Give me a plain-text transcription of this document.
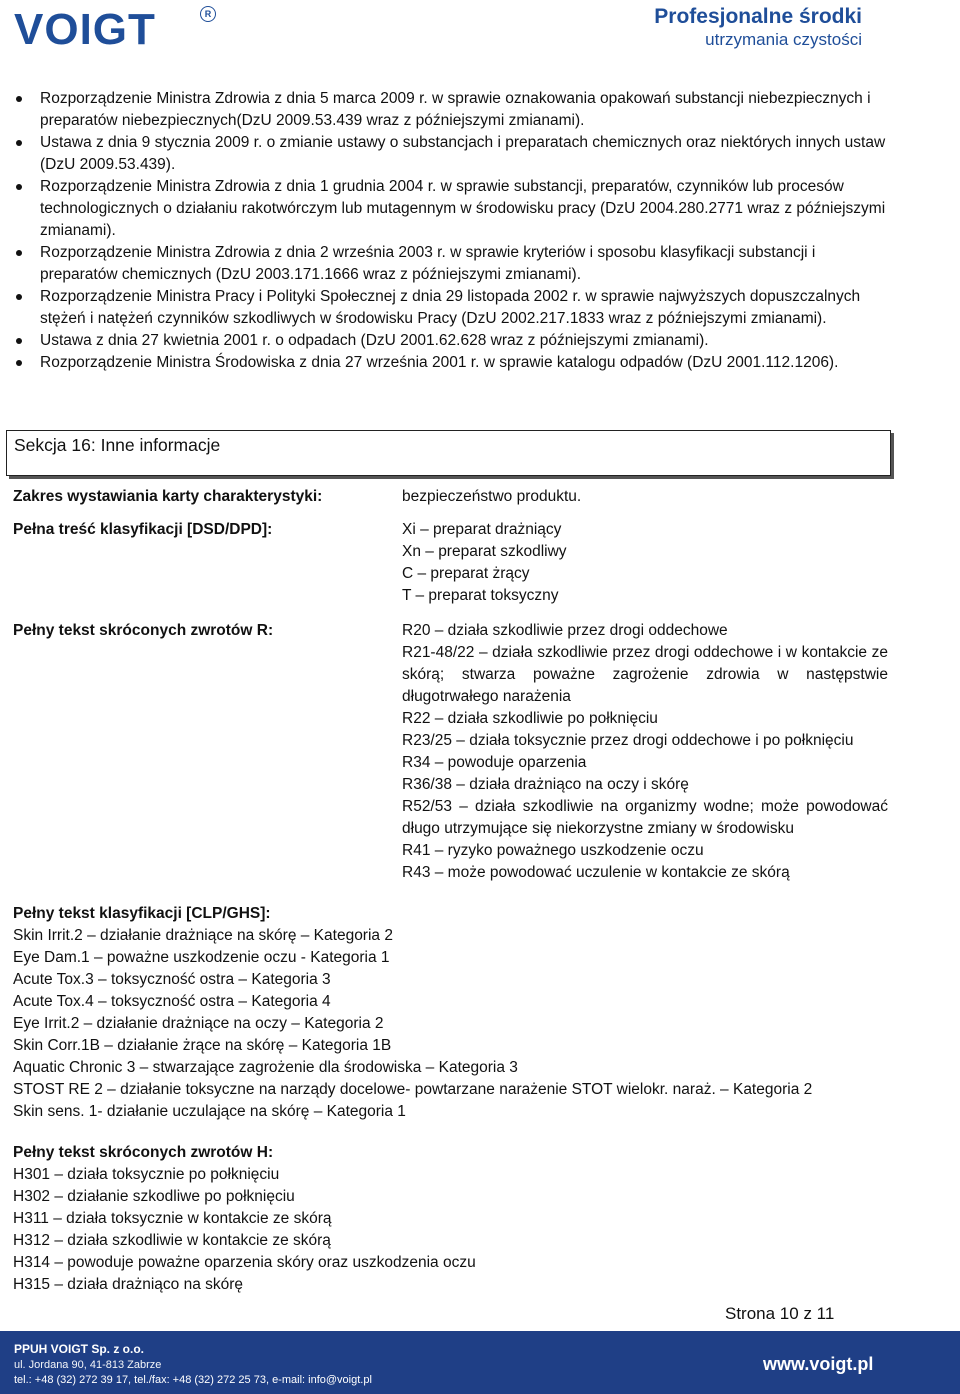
VOIGT	R	Profesjonalne środki
utrzymania czystości
Rozporządzenie Ministra Zdrowia z dnia 5 marca 2009 r. w sprawie oznakowania opakowań substancji niebezpiecznych i preparatów niebezpiecznych(DzU 2009.53.439 wraz z późniejszymi zmianami).
Ustawa z dnia 9 stycznia 2009 r. o zmianie ustawy o substancjach i preparatach chemicznych oraz niektórych innych ustaw (DzU 2009.53.439).
Rozporządzenie Ministra Zdrowia z dnia 1 grudnia 2004 r. w sprawie substancji, preparatów, czynników lub procesów technologicznych o działaniu rakotwórczym lub mutagennym w środowisku pracy (DzU 2004.280.2771 wraz z późniejszymi zmianami).
Rozporządzenie Ministra Zdrowia z dnia 2 września 2003 r. w sprawie kryteriów i sposobu klasyfikacji substancji i preparatów chemicznych (DzU 2003.171.1666 wraz z późniejszymi zmianami).
Rozporządzenie Ministra Pracy i Polityki Społecznej z dnia 29 listopada 2002 r. w sprawie najwyższych dopuszczalnych stężeń i natężeń czynników szkodliwych w środowisku Pracy (DzU 2002.217.1833 wraz z późniejszymi zmianami).
Ustawa z dnia 27 kwietnia 2001 r. o odpadach (DzU 2001.62.628 wraz z późniejszymi zmianami).
Rozporządzenie Ministra Środowiska z dnia 27 września 2001 r. w sprawie katalogu odpadów (DzU 2001.112.1206).
Sekcja 16: Inne informacje
Zakres wystawiania karty charakterystyki:	bezpieczeństwo produktu.
Pełna treść klasyfikacji [DSD/DPD]:	Xi – preparat drażniący

Xn – preparat szkodliwy

C – preparat żrący

T – preparat toksyczny

Pełny tekst skróconych zwrotów R:	R20 – działa szkodliwie przez drogi oddechowe

R21-48/22 – działa szkodliwie przez drogi oddechowe i w kontakcie ze skórą; stwarza poważne zagrożenie zdrowia w następstwie długotrwałego narażenia

R22 – działa szkodliwie po połknięciu

R23/25 – działa toksycznie przez drogi oddechowe i po połknięciu

R34 – powoduje oparzenia

R36/38 – działa drażniąco na oczy i skórę

R52/53 – działa szkodliwie na organizmy wodne; może powodować długo utrzymujące się niekorzystne zmiany w środowisku

R41 – ryzyko poważnego uszkodzenie oczu

R43 – może powodować uczulenie w kontakcie ze skórą

Pełny tekst klasyfikacji [CLP/GHS]:

Skin Irrit.2 – działanie drażniące na skórę – Kategoria 2

Eye Dam.1 – poważne uszkodzenie oczu - Kategoria 1

Acute Tox.3 – toksyczność ostra – Kategoria 3

Acute Tox.4 – toksyczność ostra – Kategoria 4

Eye Irrit.2 – działanie drażniące na oczy – Kategoria 2

Skin Corr.1B – działanie żrące na skórę – Kategoria 1B

Aquatic Chronic 3 – stwarzające zagrożenie dla środowiska – Kategoria 3

STOST RE 2 – działanie toksyczne na narządy docelowe- powtarzane narażenie STOT wielokr. naraż. – Kategoria 2

Skin sens. 1- działanie uczulające na skórę – Kategoria 1

Pełny tekst skróconych zwrotów H:

H301 – działa toksycznie po połknięciu

H302 – działanie szkodliwe po połknięciu

H311 – działa toksycznie w kontakcie ze skórą

H312 – działa szkodliwie w kontakcie ze skórą

H314 – powoduje poważne oparzenia skóry oraz uszkodzenia oczu

H315 – działa drażniąco na skórę

Strona 10 z 11
PPUH VOIGT Sp. z o.o.
ul. Jordana 90, 41-813 Zabrze
tel.: +48 (32) 272 39 17, tel./fax: +48 (32) 272 25 73, e-mail: info@voigt.pl
www.voigt.pl
